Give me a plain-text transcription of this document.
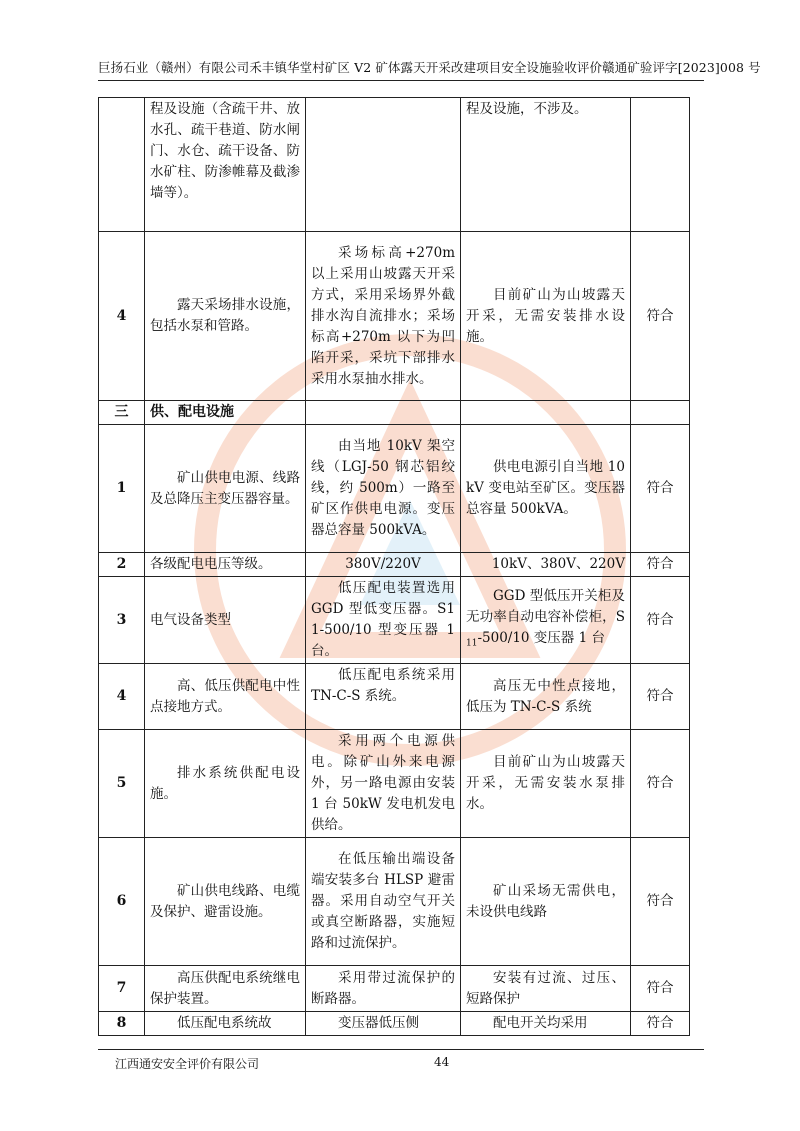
巨扬石业（赣州）有限公司禾丰镇华堂村矿区 V2 矿体露天开采改建项目安全设施验收评价赣通矿验评字[2023]008 号
	程及设施（含疏干井、放水孔、疏干巷道、防水闸门、水仓、疏干设备、防水矿柱、防渗帷幕及截渗墙等）。		程及设施，不涉及。	
4	露天采场排水设施，包括水泵和管路。	采场标高+270m 以上采用山坡露天开采方式，采用采场界外截排水沟自流排水；采场标高+270m 以下为凹陷开采，采坑下部排水采用水泵抽水排水。	目前矿山为山坡露天开采，无需安装排水设施。	符合
三	供、配电设施			
1	矿山供电电源、线路及总降压主变压器容量。	由当地 10kV 架空线（LGJ-50 钢芯铝绞线，约 500m）一路至矿区作供电电源。变压器总容量 500kVA。	供电电源引自当地 10kV 变电站至矿区。变压器总容量 500kVA。	符合
2	各级配电电压等级。	380V/220V	10kV、380V、220V	符合
3	电气设备类型	低压配电装置选用 GGD 型低变压器。S11-500/10 型变压器 1 台。	GGD 型低压开关柜及无功率自动电容补偿柜，$S_{11}-500/10$ 变压器 1 台	符合
4	高、低压供配电中性点接地方式。	低压配电系统采用 TN-C-S 系统。	高压无中性点接地，低压为 TN-C-S 系统	符合
5	排水系统供配电设施。	采用两个电源供电。除矿山外来电源外，另一路电源由安装 1 台 50kW 发电机发电供给。	目前矿山为山坡露天开采，无需安装水泵排水。	符合
6	矿山供电线路、电缆及保护、避雷设施。	在低压输出端设备端安装多台 HLSP 避雷器。采用自动空气开关或真空断路器，实施短路和过流保护。	矿山采场无需供电，未设供电线路	符合
7	高压供配电系统继电保护装置。	采用带过流保护的断路器。	安装有过流、过压、短路保护	符合
8	低压配电系统故	变压器低压侧	配电开关均采用	符合
江西通安安全评价有限公司	44
